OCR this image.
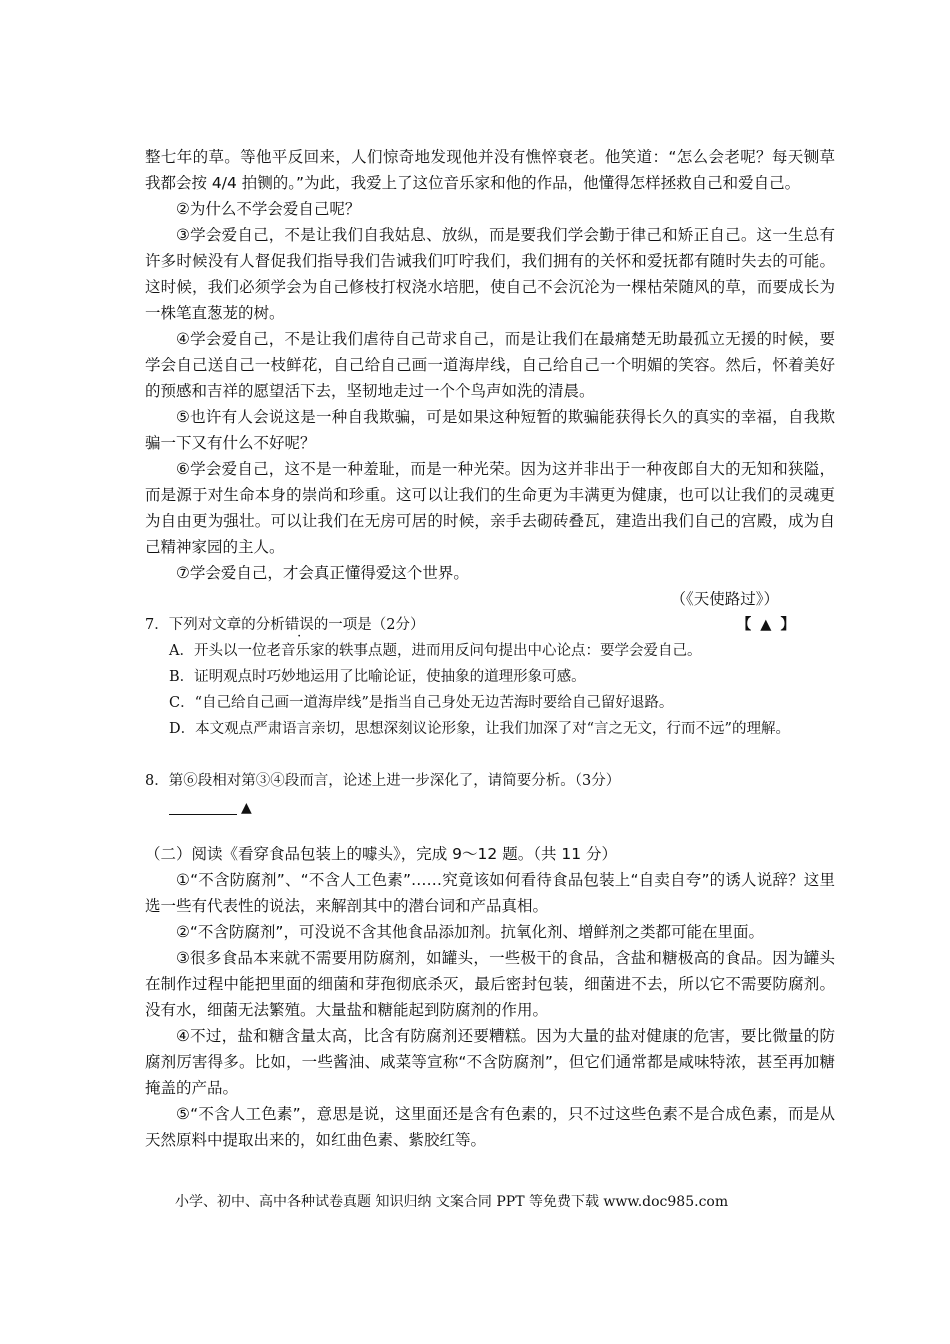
整七年的草。等他平反回来，人们惊奇地发现他并没有憔悴衰老。他笑道：“怎么会老呢？每天铡草我都会按 4/4 拍铡的。”为此，我爱上了这位音乐家和他的作品，他懂得怎样拯救自己和爱自己。

②为什么不学会爱自己呢？

③学会爱自己，不是让我们自我姑息、放纵，而是要我们学会勤于律己和矫正自己。这一生总有许多时候没有人督促我们指导我们告诫我们叮咛我们，我们拥有的关怀和爱抚都有随时失去的可能。这时候，我们必须学会为自己修枝打杈浇水培肥，使自己不会沉沦为一棵枯荣随风的草，而要成长为一株笔直葱茏的树。

④学会爱自己，不是让我们虐待自己苛求自己，而是让我们在最痛楚无助最孤立无援的时候，要学会自己送自己一枝鲜花，自己给自己画一道海岸线，自己给自己一个明媚的笑容。然后，怀着美好的预感和吉祥的愿望活下去，坚韧地走过一个个鸟声如洗的清晨。

⑤也许有人会说这是一种自我欺骗，可是如果这种短暂的欺骗能获得长久的真实的幸福，自我欺骗一下又有什么不好呢？

⑥学会爱自己，这不是一种羞耻，而是一种光荣。因为这并非出于一种夜郎自大的无知和狭隘，而是源于对生命本身的崇尚和珍重。这可以让我们的生命更为丰满更为健康，也可以让我们的灵魂更为自由更为强壮。可以让我们在无房可居的时候，亲手去砌砖叠瓦，建造出我们自己的宫殿，成为自己精神家园的主人。

⑦学会爱自己，才会真正懂得爱这个世界。

（《天使路过》）

7．下列对文章的分析错误的一项是（2分）	【 ▲ 】

A．开头以一位老音乐家的轶事点题，进而用反问句提出中心论点：要学会爱自己。

B．证明观点时巧妙地运用了比喻论证，使抽象的道理形象可感。

C．“自己给自己画一道海岸线”是指当自己身处无边苦海时要给自己留好退路。

D．本文观点严肃语言亲切，思想深刻议论形象，让我们加深了对“言之无文，行而不远”的理解。

8．第⑥段相对第③④段而言，论述上进一步深化了，请简要分析。（3分）

▲

（二）阅读《看穿食品包装上的噱头》，完成 9～12 题。（共 11 分）

①“不含防腐剂”、“不含人工色素”……究竟该如何看待食品包装上“自卖自夸”的诱人说辞？这里选一些有代表性的说法，来解剖其中的潜台词和产品真相。

②“不含防腐剂”，可没说不含其他食品添加剂。抗氧化剂、增鲜剂之类都可能在里面。

③很多食品本来就不需要用防腐剂，如罐头，一些极干的食品，含盐和糖极高的食品。因为罐头在制作过程中能把里面的细菌和芽孢彻底杀灭，最后密封包装，细菌进不去，所以它不需要防腐剂。没有水，细菌无法繁殖。大量盐和糖能起到防腐剂的作用。

④不过，盐和糖含量太高，比含有防腐剂还要糟糕。因为大量的盐对健康的危害，要比微量的防腐剂厉害得多。比如，一些酱油、咸菜等宣称“不含防腐剂”，但它们通常都是咸味特浓，甚至再加糖掩盖的产品。

⑤“不含人工色素”，意思是说，这里面还是含有色素的，只不过这些色素不是合成色素，而是从天然原料中提取出来的，如红曲色素、紫胶红等。

小学、初中、高中各种试卷真题 知识归纳 文案合同 PPT 等免费下载 www.doc985.com
